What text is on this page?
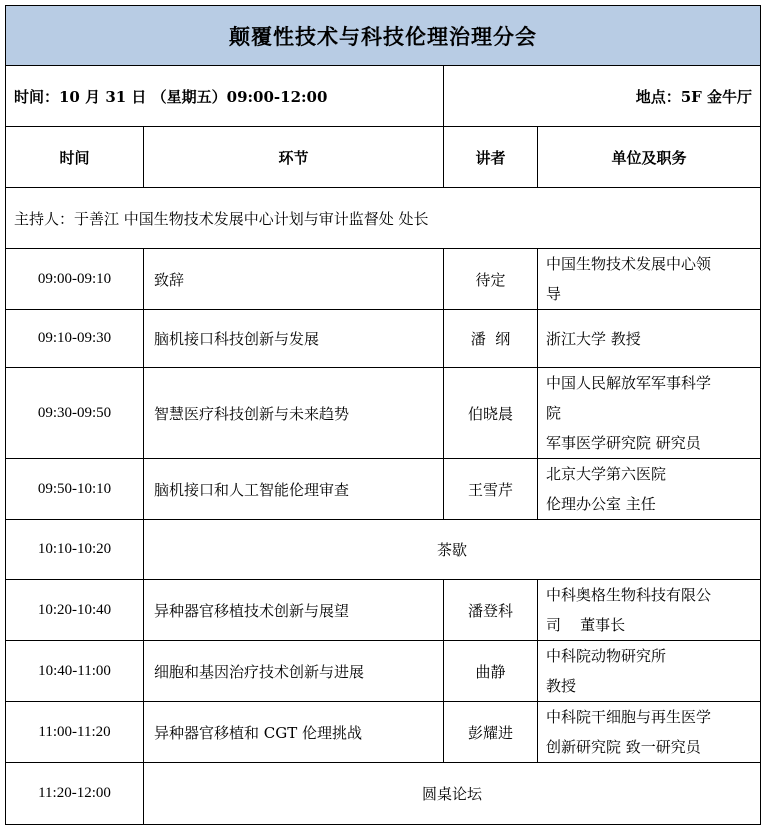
颠覆性技术与科技伦理治理分会			
时间：10 月 31 日 （星期五）09:00-12:00		地点：5F 金牛厅	
时间	环节	讲者	单位及职务
主持人：于善江 中国生物技术发展中心计划与审计监督处 处长			
09:00-09:10	致辞	待定	中国生物技术发展中心领
导

09:10-09:30	脑机接口科技创新与发展	潘  纲	浙江大学 教授

09:30-09:50	智慧医疗科技创新与未来趋势	伯晓晨	中国人民解放军军事科学
院
军事医学研究院 研究员

09:50-10:10	脑机接口和人工智能伦理审查	王雪芹	北京大学第六医院
伦理办公室 主任

10:10-10:20	茶歇		
10:20-10:40	异种器官移植技术创新与展望	潘登科	中科奥格生物科技有限公
司    董事长

10:40-11:00	细胞和基因治疗技术创新与进展	曲静	中科院动物研究所
教授

11:00-11:20	异种器官移植和 CGT 伦理挑战	彭耀进	中科院干细胞与再生医学
创新研究院 致一研究员

11:20-12:00	圆桌论坛		
